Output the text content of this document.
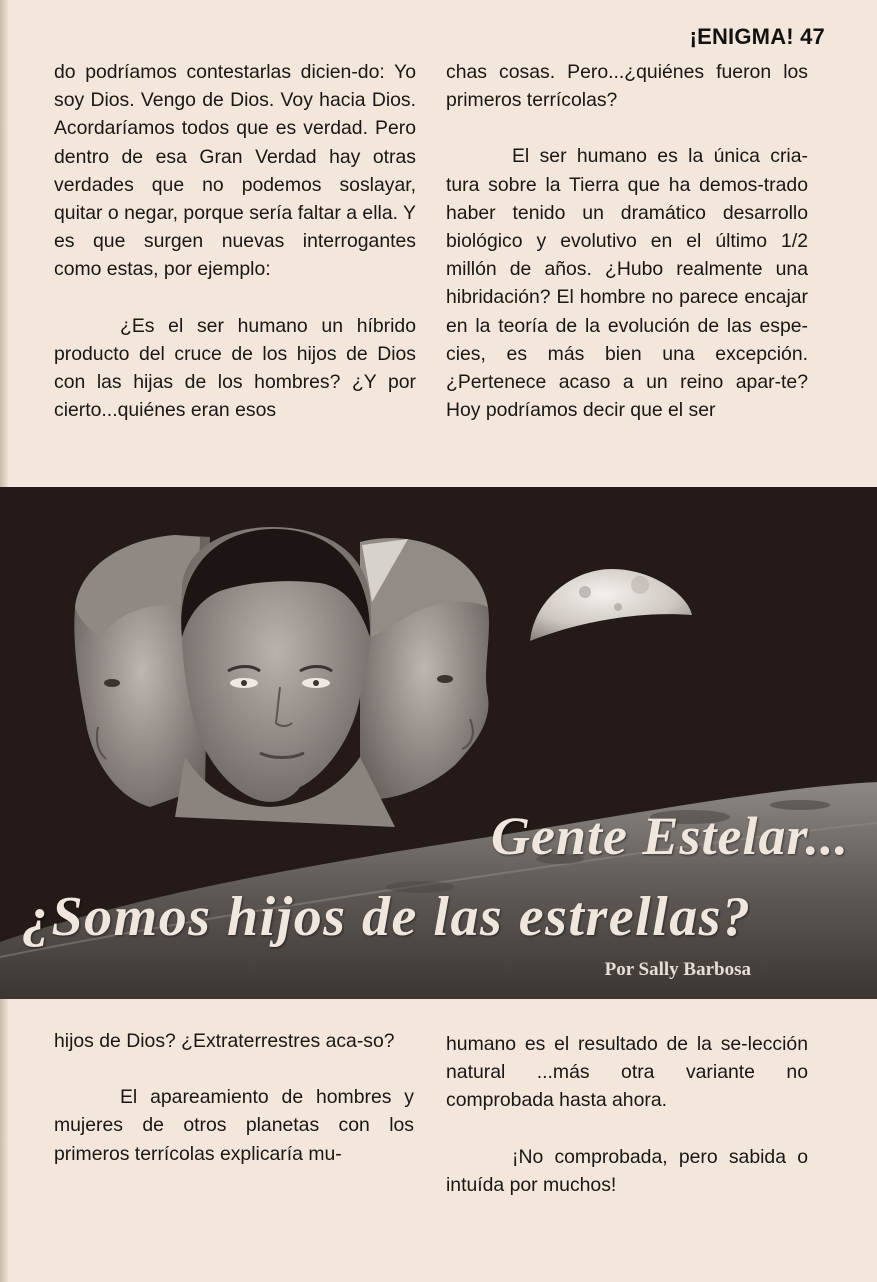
¡ENIGMA! 47

do podríamos contestarlas dicien-do: Yo soy Dios. Vengo de Dios. Voy hacia Dios. Acordaríamos todos que es verdad. Pero dentro de esa Gran Verdad hay otras verdades que no podemos soslayar, quitar o negar, porque sería faltar a ella. Y es que surgen nuevas interrogantes como estas, por ejemplo:

¿Es el ser humano un híbrido producto del cruce de los hijos de Dios con las hijas de los hombres? ¿Y por cierto...quiénes eran esos

chas cosas. Pero...¿quiénes fueron los primeros terrícolas?

El ser humano es la única cria-tura sobre la Tierra que ha demos-trado haber tenido un dramático desarrollo biológico y evolutivo en el último 1/2 millón de años. ¿Hubo realmente una hibridación? El hombre no parece encajar en la teoría de la evolución de las espe-cies, es más bien una excepción. ¿Pertenece acaso a un reino apar-te? Hoy podríamos decir que el ser

Gente Estelar...
¿Somos hijos de las estrellas?
Por Sally Barbosa

hijos de Dios? ¿Extraterrestres aca-so?

El apareamiento de hombres y mujeres de otros planetas con los primeros terrícolas explicaría mu-

humano es el resultado de la se-lección natural ...más otra variante no comprobada hasta ahora.

¡No comprobada, pero sabida o intuída por muchos!
